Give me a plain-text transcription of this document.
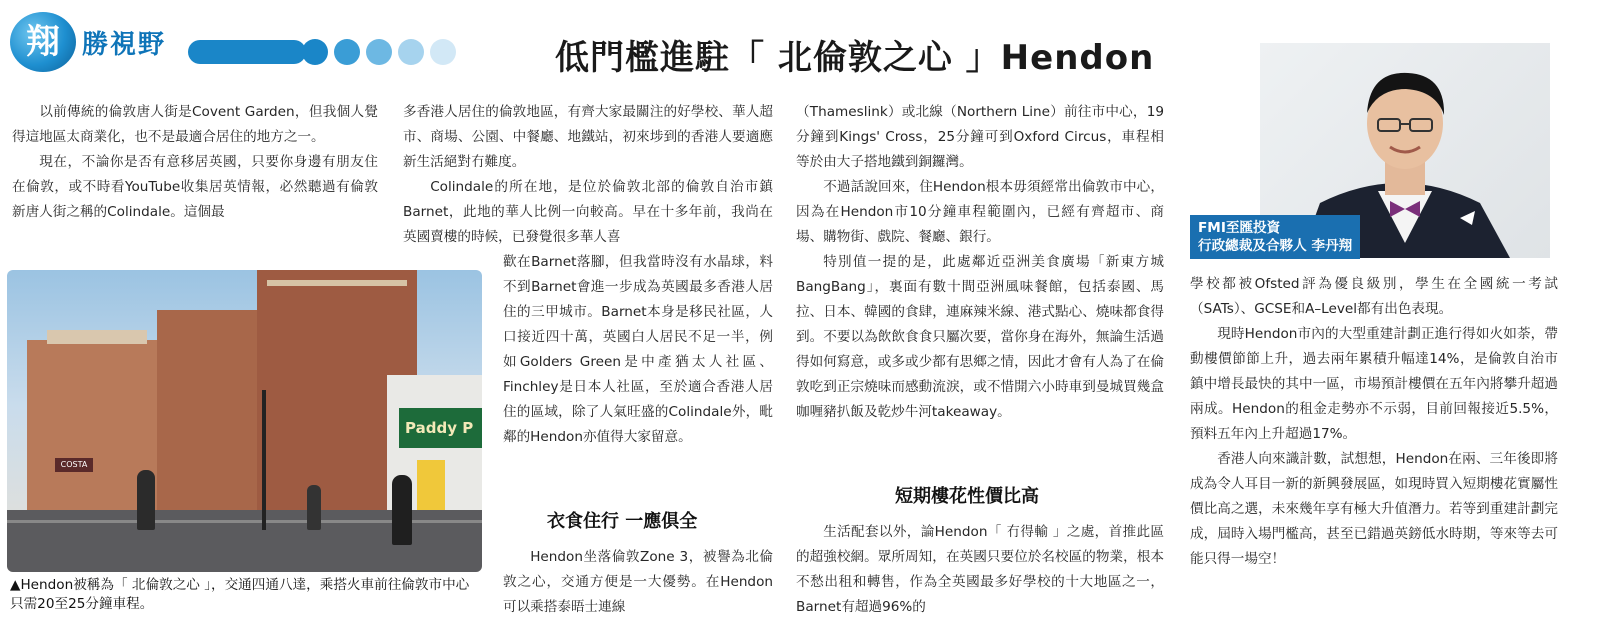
翔 勝視野	低門檻進駐「 北倫敦之心 」Hendon

以前傳統的倫敦唐人街是Covent Garden，但我個人覺得這地區太商業化，也不是最適合居住的地方之一。

現在，不論你是否有意移居英國，只要你身邊有朋友住在倫敦，或不時看YouTube收集居英情報，必然聽過有倫敦新唐人街之稱的Colindale。這個最

Paddy P
COSTA
▲Hendon被稱為「 北倫敦之心 」，交通四通八達，乘搭火車前往倫敦市中心只需20至25分鐘車程。

多香港人居住的倫敦地區，有齊大家最關注的好學校、華人超市、商場、公園、中餐廳、地鐵站，初來埗到的香港人要適應新生活絕對冇難度。

Colindale的所在地，是位於倫敦北部的倫敦自治市鎮Barnet，此地的華人比例一向較高。早在十多年前，我尚在英國賣樓的時候，已發覺很多華人喜

歡在Barnet落腳，但我當時沒有水晶球，料不到Barnet會進一步成為英國最多香港人居住的三甲城市。Barnet本身是移民社區，人口接近四十萬，英國白人居民不足一半，例如Golders Green是中產猶太人社區、Finchley是日本人社區，至於適合香港人居住的區域，除了人氣旺盛的Colindale外，毗鄰的Hendon亦值得大家留意。

衣食住行 一應俱全

Hendon坐落倫敦Zone 3，被譽為北倫敦之心，交通方便是一大優勢。在Hendon可以乘搭泰晤士連線

（Thameslink）或北線（Northern Line）前往市中心，19分鐘到Kings' Cross，25分鐘可到Oxford Circus，車程相等於由大子搭地鐵到銅鑼灣。

不過話說回來，住Hendon根本毋須經常出倫敦市中心，因為在Hendon市10分鐘車程範圍內，已經有齊超市、商場、購物街、戲院、餐廳、銀行。

特別值一提的是，此處鄰近亞洲美食廣場「新東方城BangBang」，裏面有數十間亞洲風味餐館，包括泰國、馬拉、日本、韓國的食肆，連麻辣米線、港式點心、燒味都食得到。不要以為飲飲食食只屬次要，當你身在海外，無論生活過得如何寫意，或多或少都有思鄉之情，因此才會有人為了在倫敦吃到正宗燒味而感動流淚，或不惜開六小時車到曼城買幾盒咖喱豬扒飯及乾炒牛河takeaway。

短期樓花性價比高

生活配套以外，論Hendon「 冇得輸 」之處，首推此區的超強校網。眾所周知，在英國只要位於名校區的物業，根本不愁出租和轉售，作為全英國最多好學校的十大地區之一，Barnet有超過96%的

FMI至匯投資
行政總裁及合夥人 李丹翔

學校都被Ofsted評為優良級別，學生在全國統一考試（SATs）、GCSE和A–Level都有出色表現。

現時Hendon市內的大型重建計劃正進行得如火如荼，帶動樓價節節上升，過去兩年累積升幅達14%，是倫敦自治市鎮中增長最快的其中一區，市場預計樓價在五年內將攀升超過兩成。Hendon的租金走勢亦不示弱，目前回報接近5.5%，預料五年內上升超過17%。

香港人向來識計數，試想想，Hendon在兩、三年後即將成為令人耳目一新的新興發展區，如現時買入短期樓花實屬性價比高之選，未來幾年享有極大升值潛力。若等到重建計劃完成，屆時入場門檻高，甚至已錯過英鎊低水時期，等來等去可能只得一場空！
